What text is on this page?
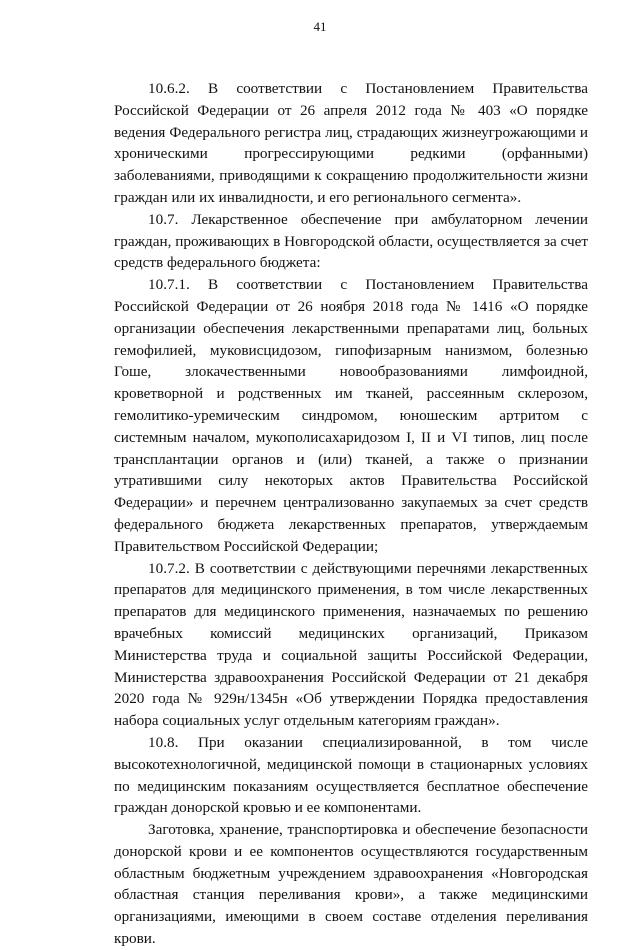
41

10.6.2. В соответствии с Постановлением Правительства Российской Федерации от 26 апреля 2012 года № 403 «О порядке ведения Федерального регистра лиц, страдающих жизнеугрожающими и хроническими прогрессирующими редкими (орфанными) заболеваниями, приводящими к сокращению продолжительности жизни граждан или их инвалидности, и его регионального сегмента».

10.7. Лекарственное обеспечение при амбулаторном лечении граждан, проживающих в Новгородской области, осуществляется за счет средств федерального бюджета:

10.7.1. В соответствии с Постановлением Правительства Российской Федерации от 26 ноября 2018 года № 1416 «О порядке организации обеспечения лекарственными препаратами лиц, больных гемофилией, муковисцидозом, гипофизарным нанизмом, болезнью Гоше, злокачественными новообразованиями лимфоидной, кроветворной и родственных им тканей, рассеянным склерозом, гемолитико-уремическим синдромом, юношеским артритом с системным началом, мукополисахаридозом I, II и VI типов, лиц после трансплантации органов и (или) тканей, а также о признании утратившими силу некоторых актов Правительства Российской Федерации» и перечнем централизованно закупаемых за счет средств федерального бюджета лекарственных препаратов, утверждаемым Правительством Российской Федерации;

10.7.2. В соответствии с действующими перечнями лекарственных препаратов для медицинского применения, в том числе лекарственных препаратов для медицинского применения, назначаемых по решению врачебных комиссий медицинских организаций, Приказом Министерства труда и социальной защиты Российской Федерации, Министерства здравоохранения Российской Федерации от 21 декабря 2020 года № 929н/1345н «Об утверждении Порядка предоставления набора социальных услуг отдельным категориям граждан».

10.8. При оказании специализированной, в том числе высокотехнологичной, медицинской помощи в стационарных условиях по медицинским показаниям осуществляется бесплатное обеспечение граждан донорской кровью и ее компонентами.

Заготовка, хранение, транспортировка и обеспечение безопасности донорской крови и ее компонентов осуществляются государственным областным бюджетным учреждением здравоохранения «Новгородская областная станция переливания крови», а также медицинскими организациями, имеющими в своем составе отделения переливания крови.
